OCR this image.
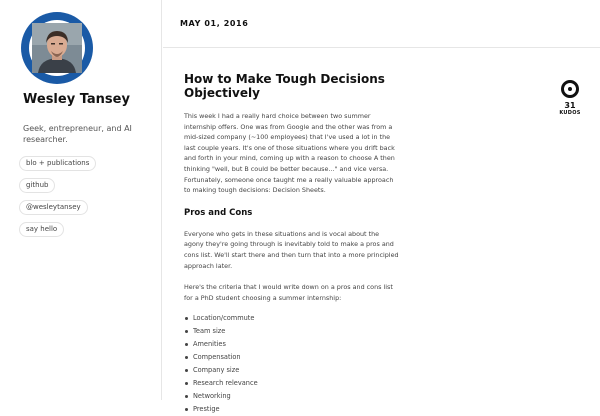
Wesley Tansey
Geek, entrepreneur, and AI researcher.
blo + publications
github
@wesleytansey
say hello
MAY 01, 2016
How to Make Tough Decisions Objectively

This week I had a really hard choice between two summer internship offers. One was from Google and the other was from a mid-sized company (~100 employees) that I've used a lot in the last couple years. It's one of those situations where you drift back and forth in your mind, coming up with a reason to choose A then thinking "well, but B could be better because..." and vice versa. Fortunately, someone once taught me a really valuable approach to making tough decisions: Decision Sheets.

Pros and Cons

Everyone who gets in these situations and is vocal about the agony they're going through is inevitably told to make a pros and cons list. We'll start there and then turn that into a more principled approach later.

Here's the criteria that I would write down on a pros and cons list for a PhD student choosing a summer internship:

Location/commute
Team size
Amenities
Compensation
Company size
Research relevance
Networking
Prestige
31
KUDOS
